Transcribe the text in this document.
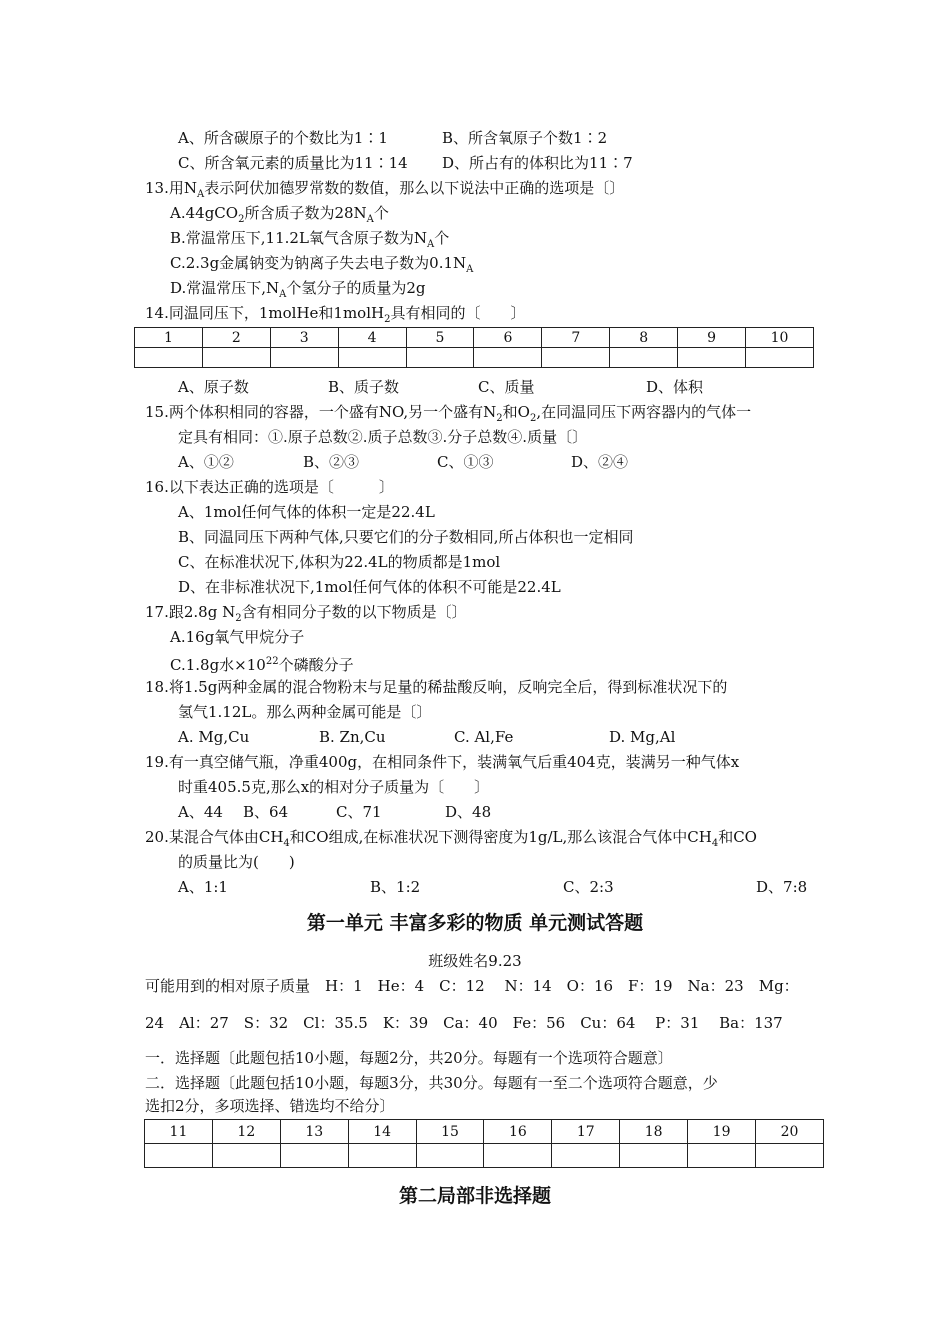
A、所含碳原子的个数比为1∶1	B、所含氧原子个数1∶2
C、所含氧元素的质量比为11∶14 D、所占有的体积比为11∶7
13.用$N_A$表示阿伏加德罗常数的数值，那么以下说法中正确的选项是〔〕
A.44gCO$_2$所含质子数为$28N_A$个
B.常温常压下,11.2L氧气含原子数为$N_A$个
C.2.3g金属钠变为钠离子失去电子数为$0.1N_A$
D.常温常压下$,N_A$个氢分子的质量为2g
14.同温同压下，1molHe和1molH$_2$具有相同的〔　　〕
1	2	3	4	5	6	7	8	9	10

A、原子数	B、质子数	C、质量	D、体积
15.两个体积相同的容器，一个盛有NO,另一个盛有$N_2$和$O_2$,在同温同压下两容器内的气体一
定具有相同：①.原子总数②.质子总数③.分子总数④.质量〔〕
A、①②	B、②③	C、①③	D、②④
16.以下表达正确的选项是〔　　　〕
A、1mol任何气体的体积一定是22.4L
B、同温同压下两种气体,只要它们的分子数相同,所占体积也一定相同
C、在标准状况下,体积为22.4L的物质都是1mol
D、在非标准状况下,1mol任何气体的体积不可能是22.4L
17.跟2.8g $N_2$含有相同分子数的以下物质是〔〕
A.16g氧气甲烷分子
C.1.8g水$\times 10^{22}$个磷酸分子
18.将1.5g两种金属的混合物粉末与足量的稀盐酸反响，反响完全后，得到标准状况下的
氢气1.12L。那么两种金属可能是〔〕
A. Mg,Cu	B. Zn,Cu	C. Al,Fe	D. Mg,Al
19.有一真空储气瓶，净重400g，在相同条件下，装满氧气后重404克，装满另一种气体x
时重405.5克,那么x的相对分子质量为〔　　〕
A、44 B、64	C、71	D、48
20.某混合气体由$CH_4$和CO组成,在标准状况下测得密度为1g/L,那么该混合气体中$CH_4$和CO
的质量比为(　　)
A、1:1	B、1:2	C、2:3	D、7:8
第一单元 丰富多彩的物质 单元测试答题
班级姓名9.23
可能用到的相对原子质量　H：1　He：4　C：12　 N：14　O：16　F：19　Na：23　Mg：
24　Al：27　S：32　Cl：35.5　K：39　Ca：40　Fe：56　Cu：64　 P：31　 Ba：137
一．选择题〔此题包括10小题，每题2分，共20分。每题有一个选项符合题意〕
二．选择题〔此题包括10小题，每题3分，共30分。每题有一至二个选项符合题意，少
选扣2分，多项选择、错选均不给分〕
11	12	13	14	15	16	17	18	19	20

第二局部非选择题
